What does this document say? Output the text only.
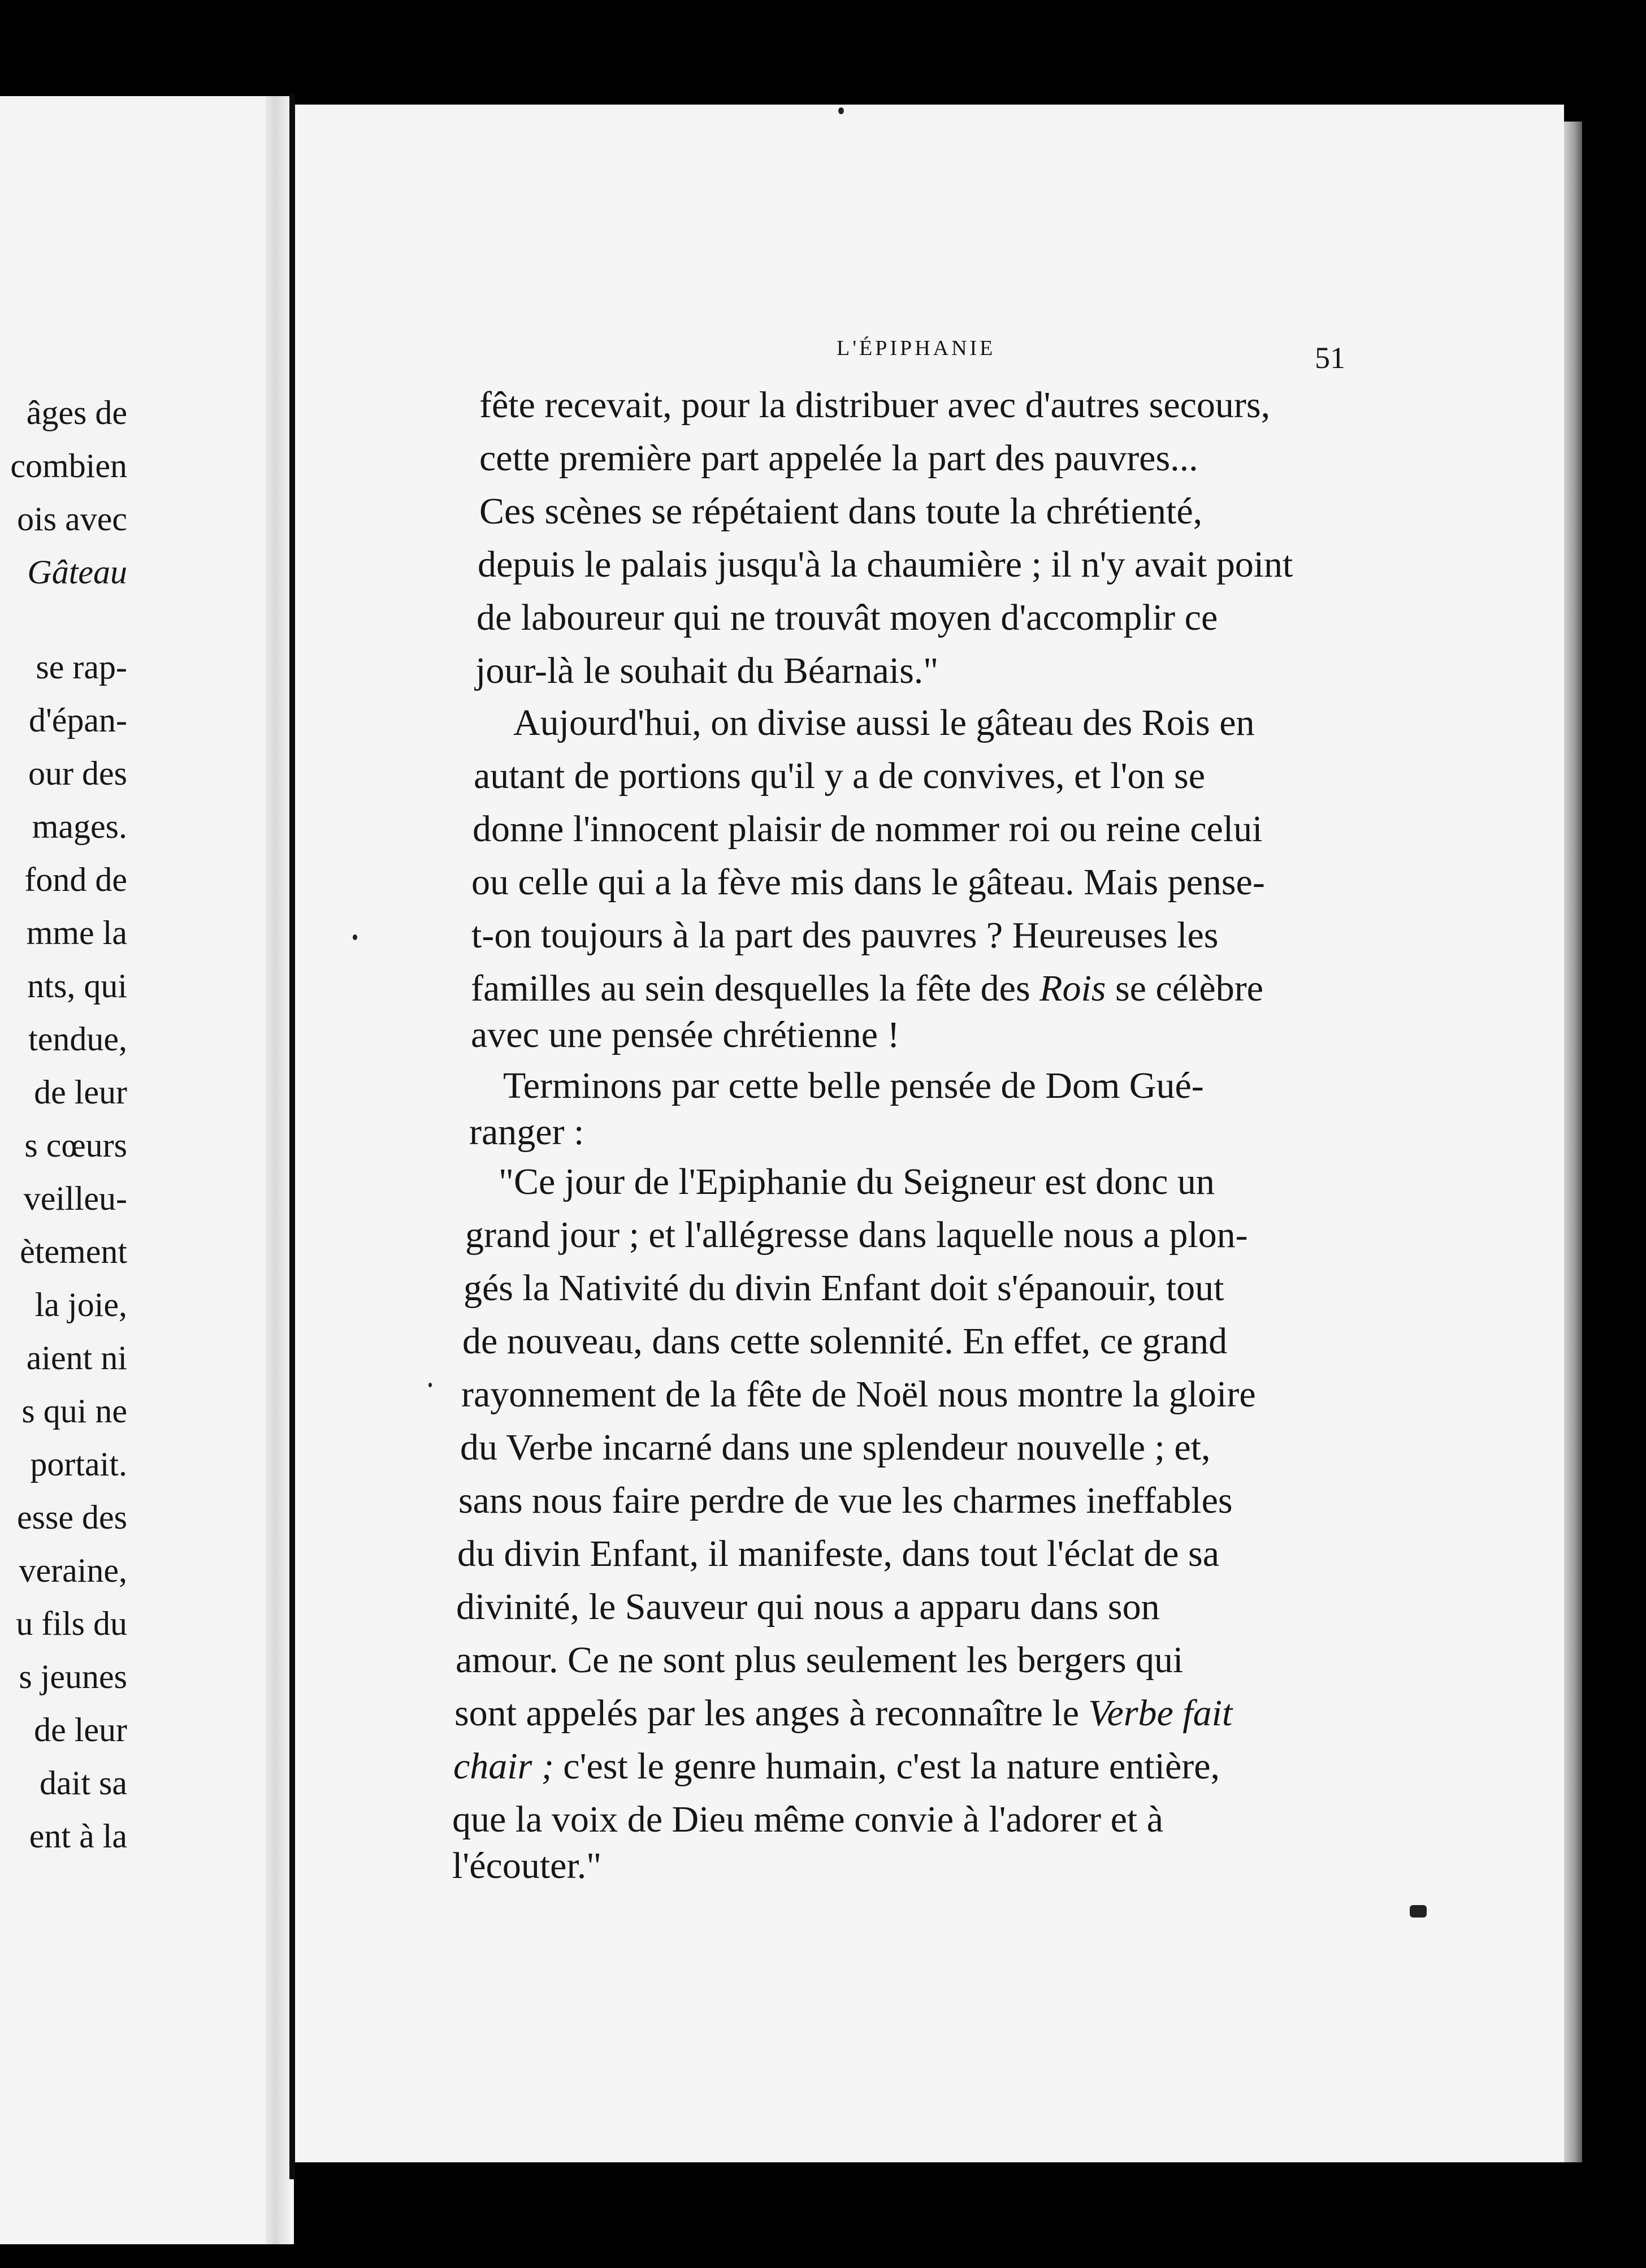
âges de
combien
ois avec
Gâteau
se rap-
d'épan-
our des
mages.
fond de
mme la
nts, qui
tendue,
de leur
s cœurs
veilleu-
ètement
la joie,
aient ni
s qui ne
portait.
esse des
veraine,
u fils du
s jeunes
de leur
dait sa
ent à la
L'ÉPIPHANIE	51
fête recevait, pour la distribuer avec d'autres secours,
cette première part appelée la part des pauvres...
Ces scènes se répétaient dans toute la chrétienté,
depuis le palais jusqu'à la chaumière ; il n'y avait point
de laboureur qui ne trouvât moyen d'accomplir ce
jour-là le souhait du Béarnais."
Aujourd'hui, on divise aussi le gâteau des Rois en
autant de portions qu'il y a de convives, et l'on se
donne l'innocent plaisir de nommer roi ou reine celui
ou celle qui a la fève mis dans le gâteau. Mais pense-
t-on toujours à la part des pauvres ? Heureuses les
familles au sein desquelles la fête des Rois se célèbre
avec une pensée chrétienne !
Terminons par cette belle pensée de Dom Gué-
ranger :
"Ce jour de l'Epiphanie du Seigneur est donc un
grand jour ; et l'allégresse dans laquelle nous a plon-
gés la Nativité du divin Enfant doit s'épanouir, tout
de nouveau, dans cette solennité. En effet, ce grand
rayonnement de la fête de Noël nous montre la gloire
du Verbe incarné dans une splendeur nouvelle ; et,
sans nous faire perdre de vue les charmes ineffables
du divin Enfant, il manifeste, dans tout l'éclat de sa
divinité, le Sauveur qui nous a apparu dans son
amour. Ce ne sont plus seulement les bergers qui
sont appelés par les anges à reconnaître le Verbe fait
chair ; c'est le genre humain, c'est la nature entière,
que la voix de Dieu même convie à l'adorer et à
l'écouter."
